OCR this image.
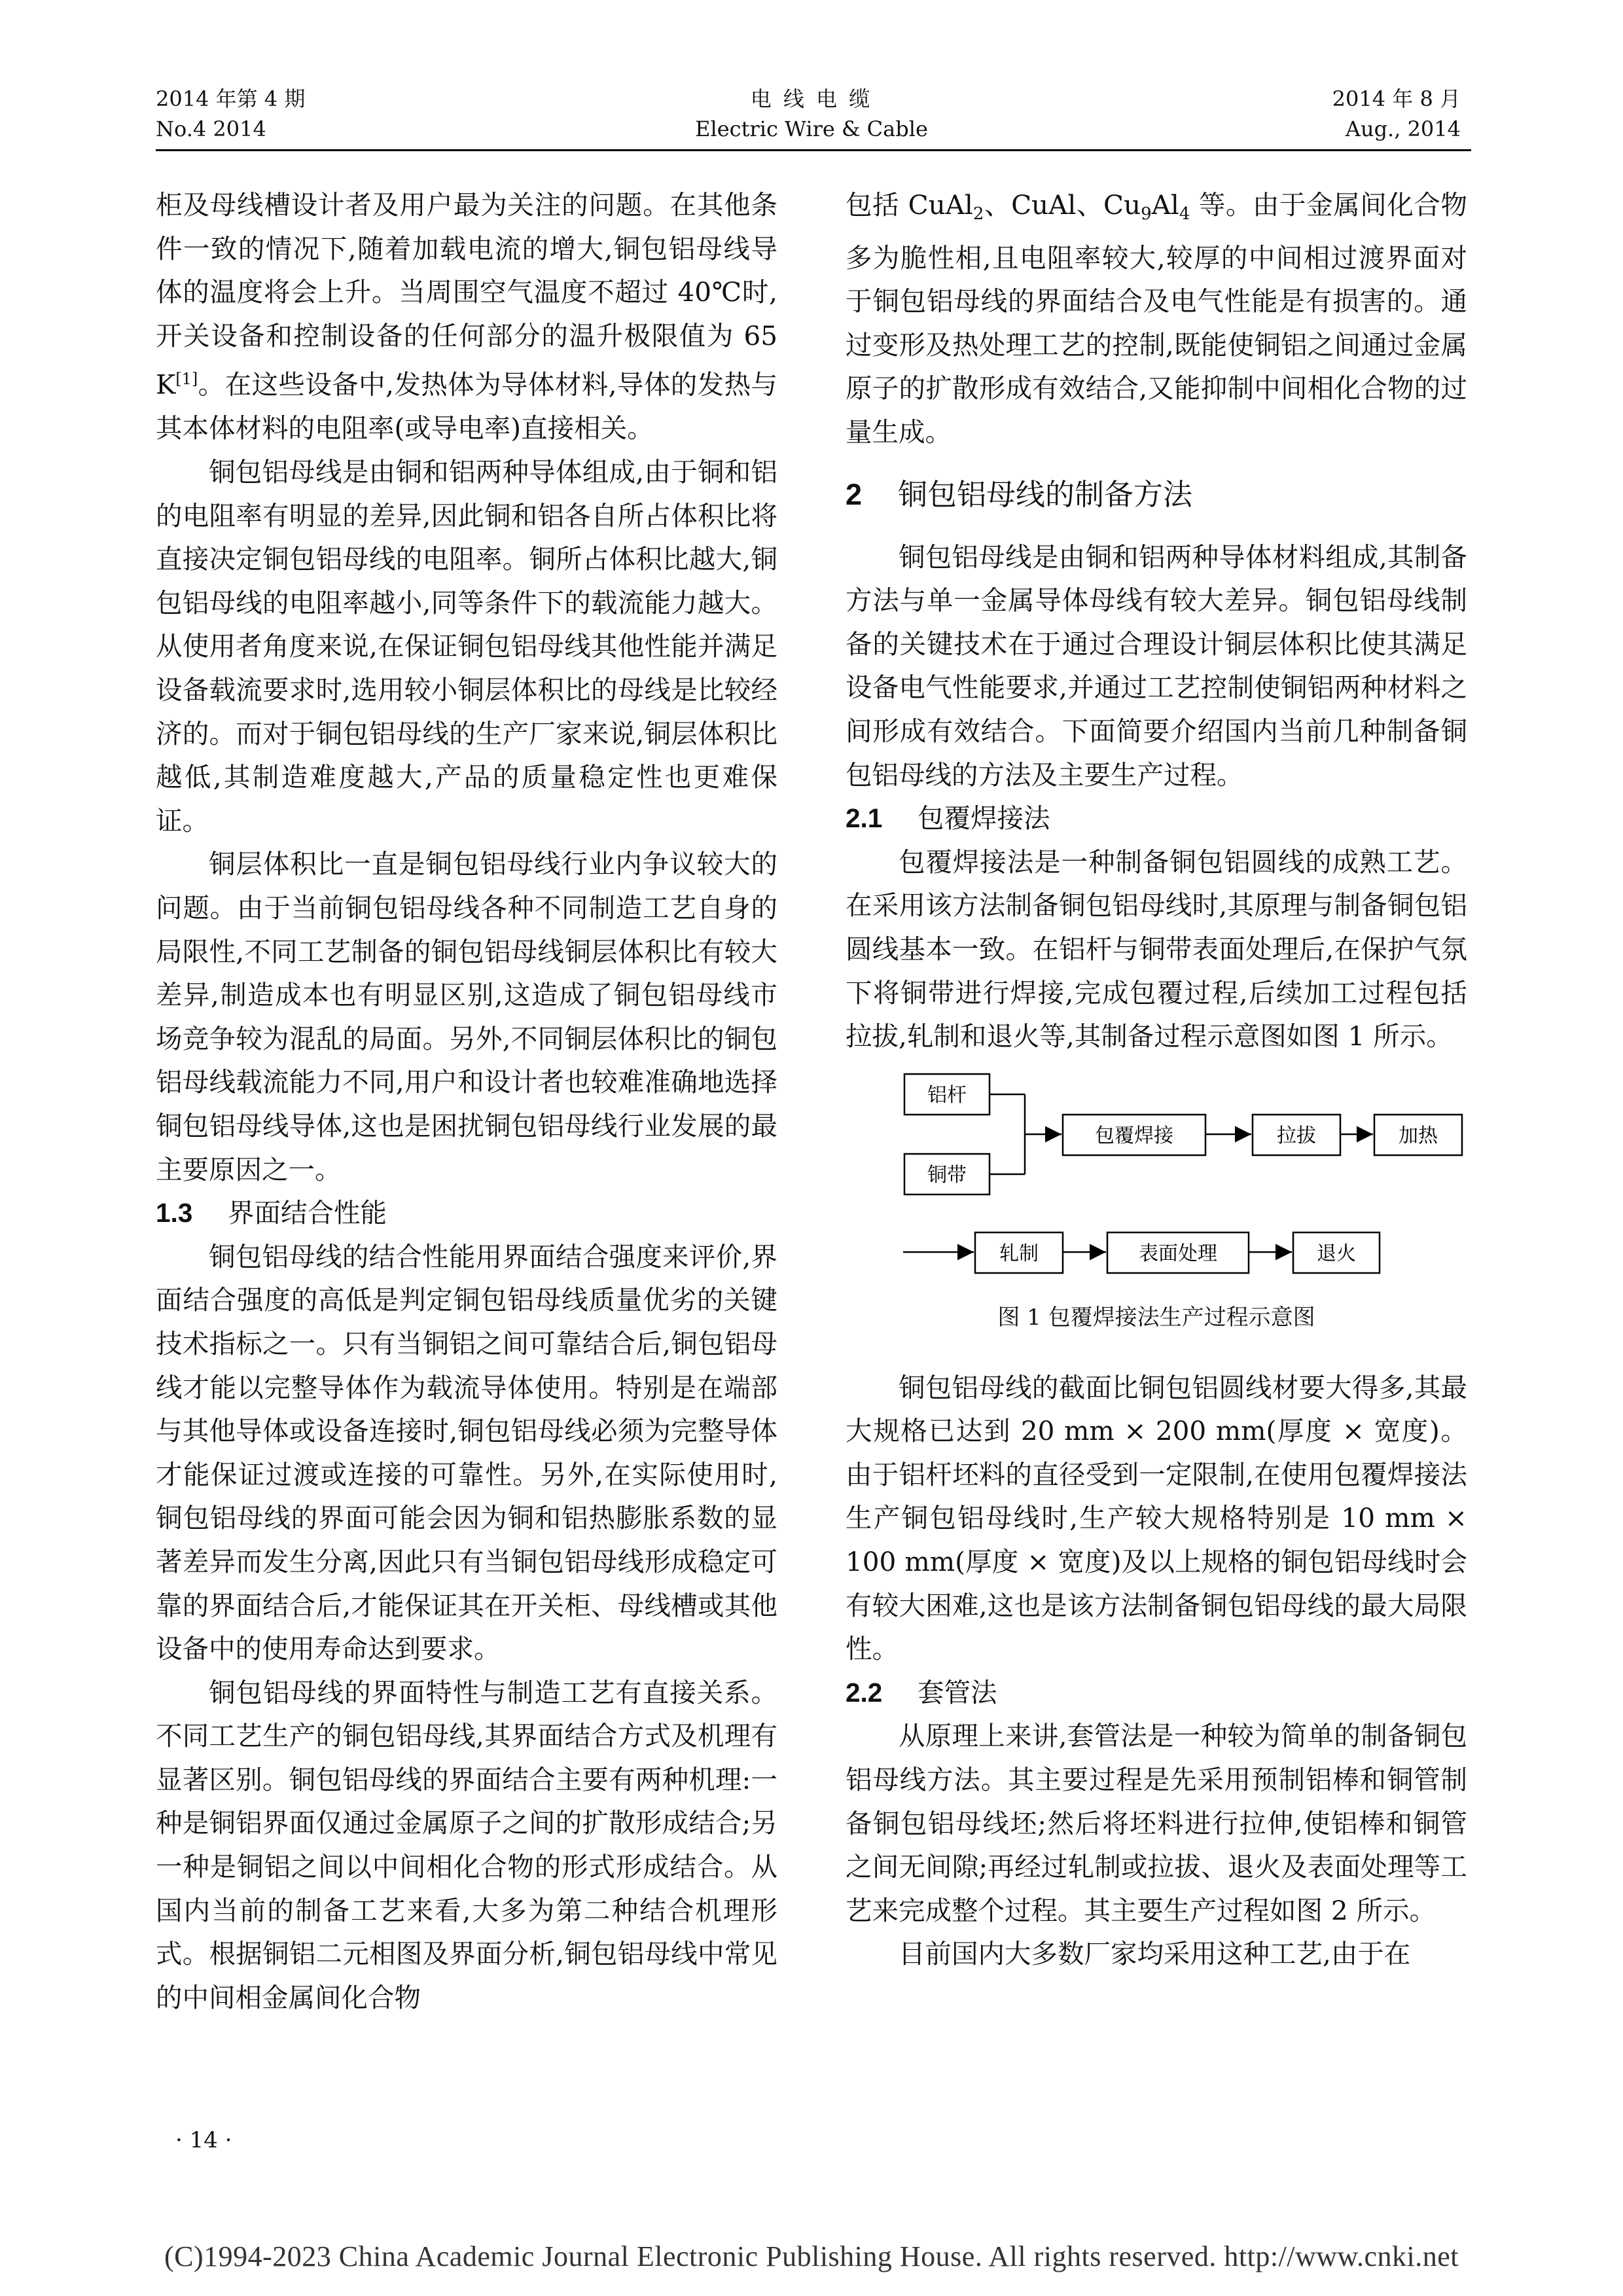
2014 年第 4 期
No.4 2014
电 线 电 缆
Electric Wire & Cable
2014 年 8 月
Aug., 2014

柜及母线槽设计者及用户最为关注的问题。在其他条件一致的情况下,随着加载电流的增大,铜包铝母线导体的温度将会上升。当周围空气温度不超过 40℃时,开关设备和控制设备的任何部分的温升极限值为 65 K[1]。在这些设备中,发热体为导体材料,导体的发热与其本体材料的电阻率(或导电率)直接相关。

铜包铝母线是由铜和铝两种导体组成,由于铜和铝的电阻率有明显的差异,因此铜和铝各自所占体积比将直接决定铜包铝母线的电阻率。铜所占体积比越大,铜包铝母线的电阻率越小,同等条件下的载流能力越大。从使用者角度来说,在保证铜包铝母线其他性能并满足设备载流要求时,选用较小铜层体积比的母线是比较经济的。而对于铜包铝母线的生产厂家来说,铜层体积比越低,其制造难度越大,产品的质量稳定性也更难保证。

铜层体积比一直是铜包铝母线行业内争议较大的问题。由于当前铜包铝母线各种不同制造工艺自身的局限性,不同工艺制备的铜包铝母线铜层体积比有较大差异,制造成本也有明显区别,这造成了铜包铝母线市场竞争较为混乱的局面。另外,不同铜层体积比的铜包铝母线载流能力不同,用户和设计者也较难准确地选择铜包铝母线导体,这也是困扰铜包铝母线行业发展的最主要原因之一。

1.3 界面结合性能

铜包铝母线的结合性能用界面结合强度来评价,界面结合强度的高低是判定铜包铝母线质量优劣的关键技术指标之一。只有当铜铝之间可靠结合后,铜包铝母线才能以完整导体作为载流导体使用。特别是在端部与其他导体或设备连接时,铜包铝母线必须为完整导体才能保证过渡或连接的可靠性。另外,在实际使用时,铜包铝母线的界面可能会因为铜和铝热膨胀系数的显著差异而发生分离,因此只有当铜包铝母线形成稳定可靠的界面结合后,才能保证其在开关柜、母线槽或其他设备中的使用寿命达到要求。

铜包铝母线的界面特性与制造工艺有直接关系。不同工艺生产的铜包铝母线,其界面结合方式及机理有显著区别。铜包铝母线的界面结合主要有两种机理:一种是铜铝界面仅通过金属原子之间的扩散形成结合;另一种是铜铝之间以中间相化合物的形式形成结合。从国内当前的制备工艺来看,大多为第二种结合机理形式。根据铜铝二元相图及界面分析,铜包铝母线中常见的中间相金属间化合物

包括 CuAl$_2$、CuAl、$Cu_9Al_4$ 等。由于金属间化合物多为脆性相,且电阻率较大,较厚的中间相过渡界面对于铜包铝母线的界面结合及电气性能是有损害的。通过变形及热处理工艺的控制,既能使铜铝之间通过金属原子的扩散形成有效结合,又能抑制中间相化合物的过量生成。

2 铜包铝母线的制备方法

铜包铝母线是由铜和铝两种导体材料组成,其制备方法与单一金属导体母线有较大差异。铜包铝母线制备的关键技术在于通过合理设计铜层体积比使其满足设备电气性能要求,并通过工艺控制使铜铝两种材料之间形成有效结合。下面简要介绍国内当前几种制备铜包铝母线的方法及主要生产过程。

2.1 包覆焊接法

包覆焊接法是一种制备铜包铝圆线的成熟工艺。在采用该方法制备铜包铝母线时,其原理与制备铜包铝圆线基本一致。在铝杆与铜带表面处理后,在保护气氛下将铜带进行焊接,完成包覆过程,后续加工过程包括拉拔,轧制和退火等,其制备过程示意图如图 1 所示。

铝杆
铜带
包覆焊接	拉拔	加热
轧制	表面处理	退火
图 1 包覆焊接法生产过程示意图

铜包铝母线的截面比铜包铝圆线材要大得多,其最大规格已达到 20 mm × 200 mm(厚度 × 宽度)。由于铝杆坯料的直径受到一定限制,在使用包覆焊接法生产铜包铝母线时,生产较大规格特别是 10 mm × 100 mm(厚度 × 宽度)及以上规格的铜包铝母线时会有较大困难,这也是该方法制备铜包铝母线的最大局限性。

2.2 套管法

从原理上来讲,套管法是一种较为简单的制备铜包铝母线方法。其主要过程是先采用预制铝棒和铜管制备铜包铝母线坯;然后将坯料进行拉伸,使铝棒和铜管之间无间隙;再经过轧制或拉拔、退火及表面处理等工艺来完成整个过程。其主要生产过程如图 2 所示。

目前国内大多数厂家均采用这种工艺,由于在

· 14 ·
(C)1994-2023 China Academic Journal Electronic Publishing House. All rights reserved. http://www.cnki.net
